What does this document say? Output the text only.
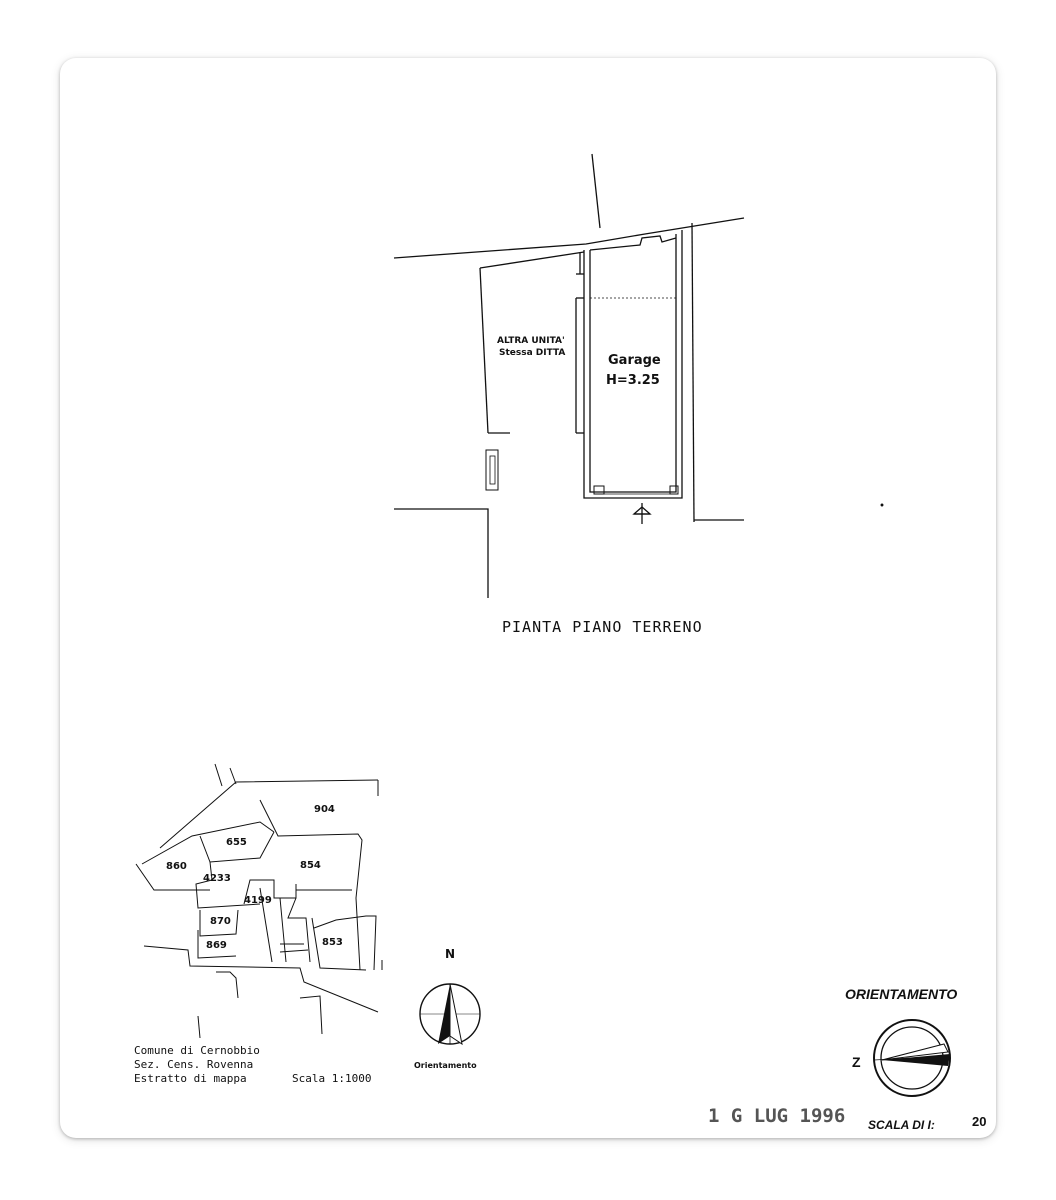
ALTRA UNITA'
Stessa DITTA	Garage
H=3.25
PIANTA PIANO TERRENO
904
655
860
4233
854
4199
870
869	853
Comune di Cernobbio
Sez. Cens. Rovenna
Estratto di mappa	Scala 1:1000
N
Orientamento
ORIENTAMENTO
Z
1 G LUG 1996 SCALA DI I:	20
